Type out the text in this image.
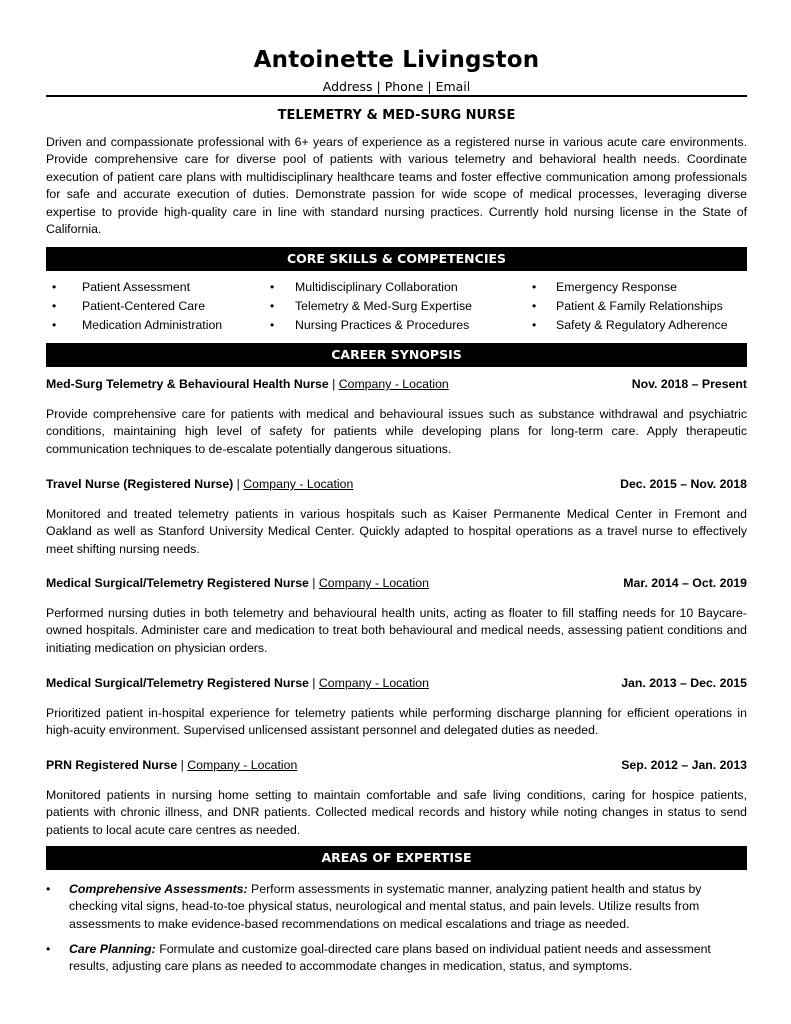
Antoinette Livingston
Address | Phone | Email
TELEMETRY & MED-SURG NURSE

Driven and compassionate professional with 6+ years of experience as a registered nurse in various acute care environments. Provide comprehensive care for diverse pool of patients with various telemetry and behavioral health needs. Coordinate execution of patient care plans with multidisciplinary healthcare teams and foster effective communication among professionals for safe and accurate execution of duties. Demonstrate passion for wide scope of medical processes, leveraging diverse expertise to provide high-quality care in line with standard nursing practices. Currently hold nursing license in the State of California.

CORE SKILLS & COMPETENCIES
• Patient Assessment
• Patient-Centered Care
• Medication Administration
• Multidisciplinary Collaboration
• Telemetry & Med-Surg Expertise
• Nursing Practices & Procedures
• Emergency Response
• Patient & Family Relationships
• Safety & Regulatory Adherence
CAREER SYNOPSIS
Med-Surg Telemetry & Behavioural Health Nurse | Company - Location	Nov. 2018 – Present

Provide comprehensive care for patients with medical and behavioural issues such as substance withdrawal and psychiatric conditions, maintaining high level of safety for patients while developing plans for long-term care. Apply therapeutic communication techniques to de-escalate potentially dangerous situations.

Travel Nurse (Registered Nurse) | Company - Location	Dec. 2015 – Nov. 2018

Monitored and treated telemetry patients in various hospitals such as Kaiser Permanente Medical Center in Fremont and Oakland as well as Stanford University Medical Center. Quickly adapted to hospital operations as a travel nurse to effectively meet shifting nursing needs.

Medical Surgical/Telemetry Registered Nurse | Company - Location	Mar. 2014 – Oct. 2019

Performed nursing duties in both telemetry and behavioural health units, acting as floater to fill staffing needs for 10 Baycare-owned hospitals. Administer care and medication to treat both behavioural and medical needs, assessing patient conditions and initiating medication on physician orders.

Medical Surgical/Telemetry Registered Nurse | Company - Location	Jan. 2013 – Dec. 2015

Prioritized patient in-hospital experience for telemetry patients while performing discharge planning for efficient operations in high-acuity environment. Supervised unlicensed assistant personnel and delegated duties as needed.

PRN Registered Nurse | Company - Location	Sep. 2012 – Jan. 2013

Monitored patients in nursing home setting to maintain comfortable and safe living conditions, caring for hospice patients, patients with chronic illness, and DNR patients. Collected medical records and history while noting changes in status to send patients to local acute care centres as needed.

AREAS OF EXPERTISE
• Comprehensive Assessments: Perform assessments in systematic manner, analyzing patient health and status by checking vital signs, head-to-toe physical status, neurological and mental status, and pain levels. Utilize results from assessments to make evidence-based recommendations on medical escalations and triage as needed.
• Care Planning: Formulate and customize goal-directed care plans based on individual patient needs and assessment results, adjusting care plans as needed to accommodate changes in medication, status, and symptoms.
